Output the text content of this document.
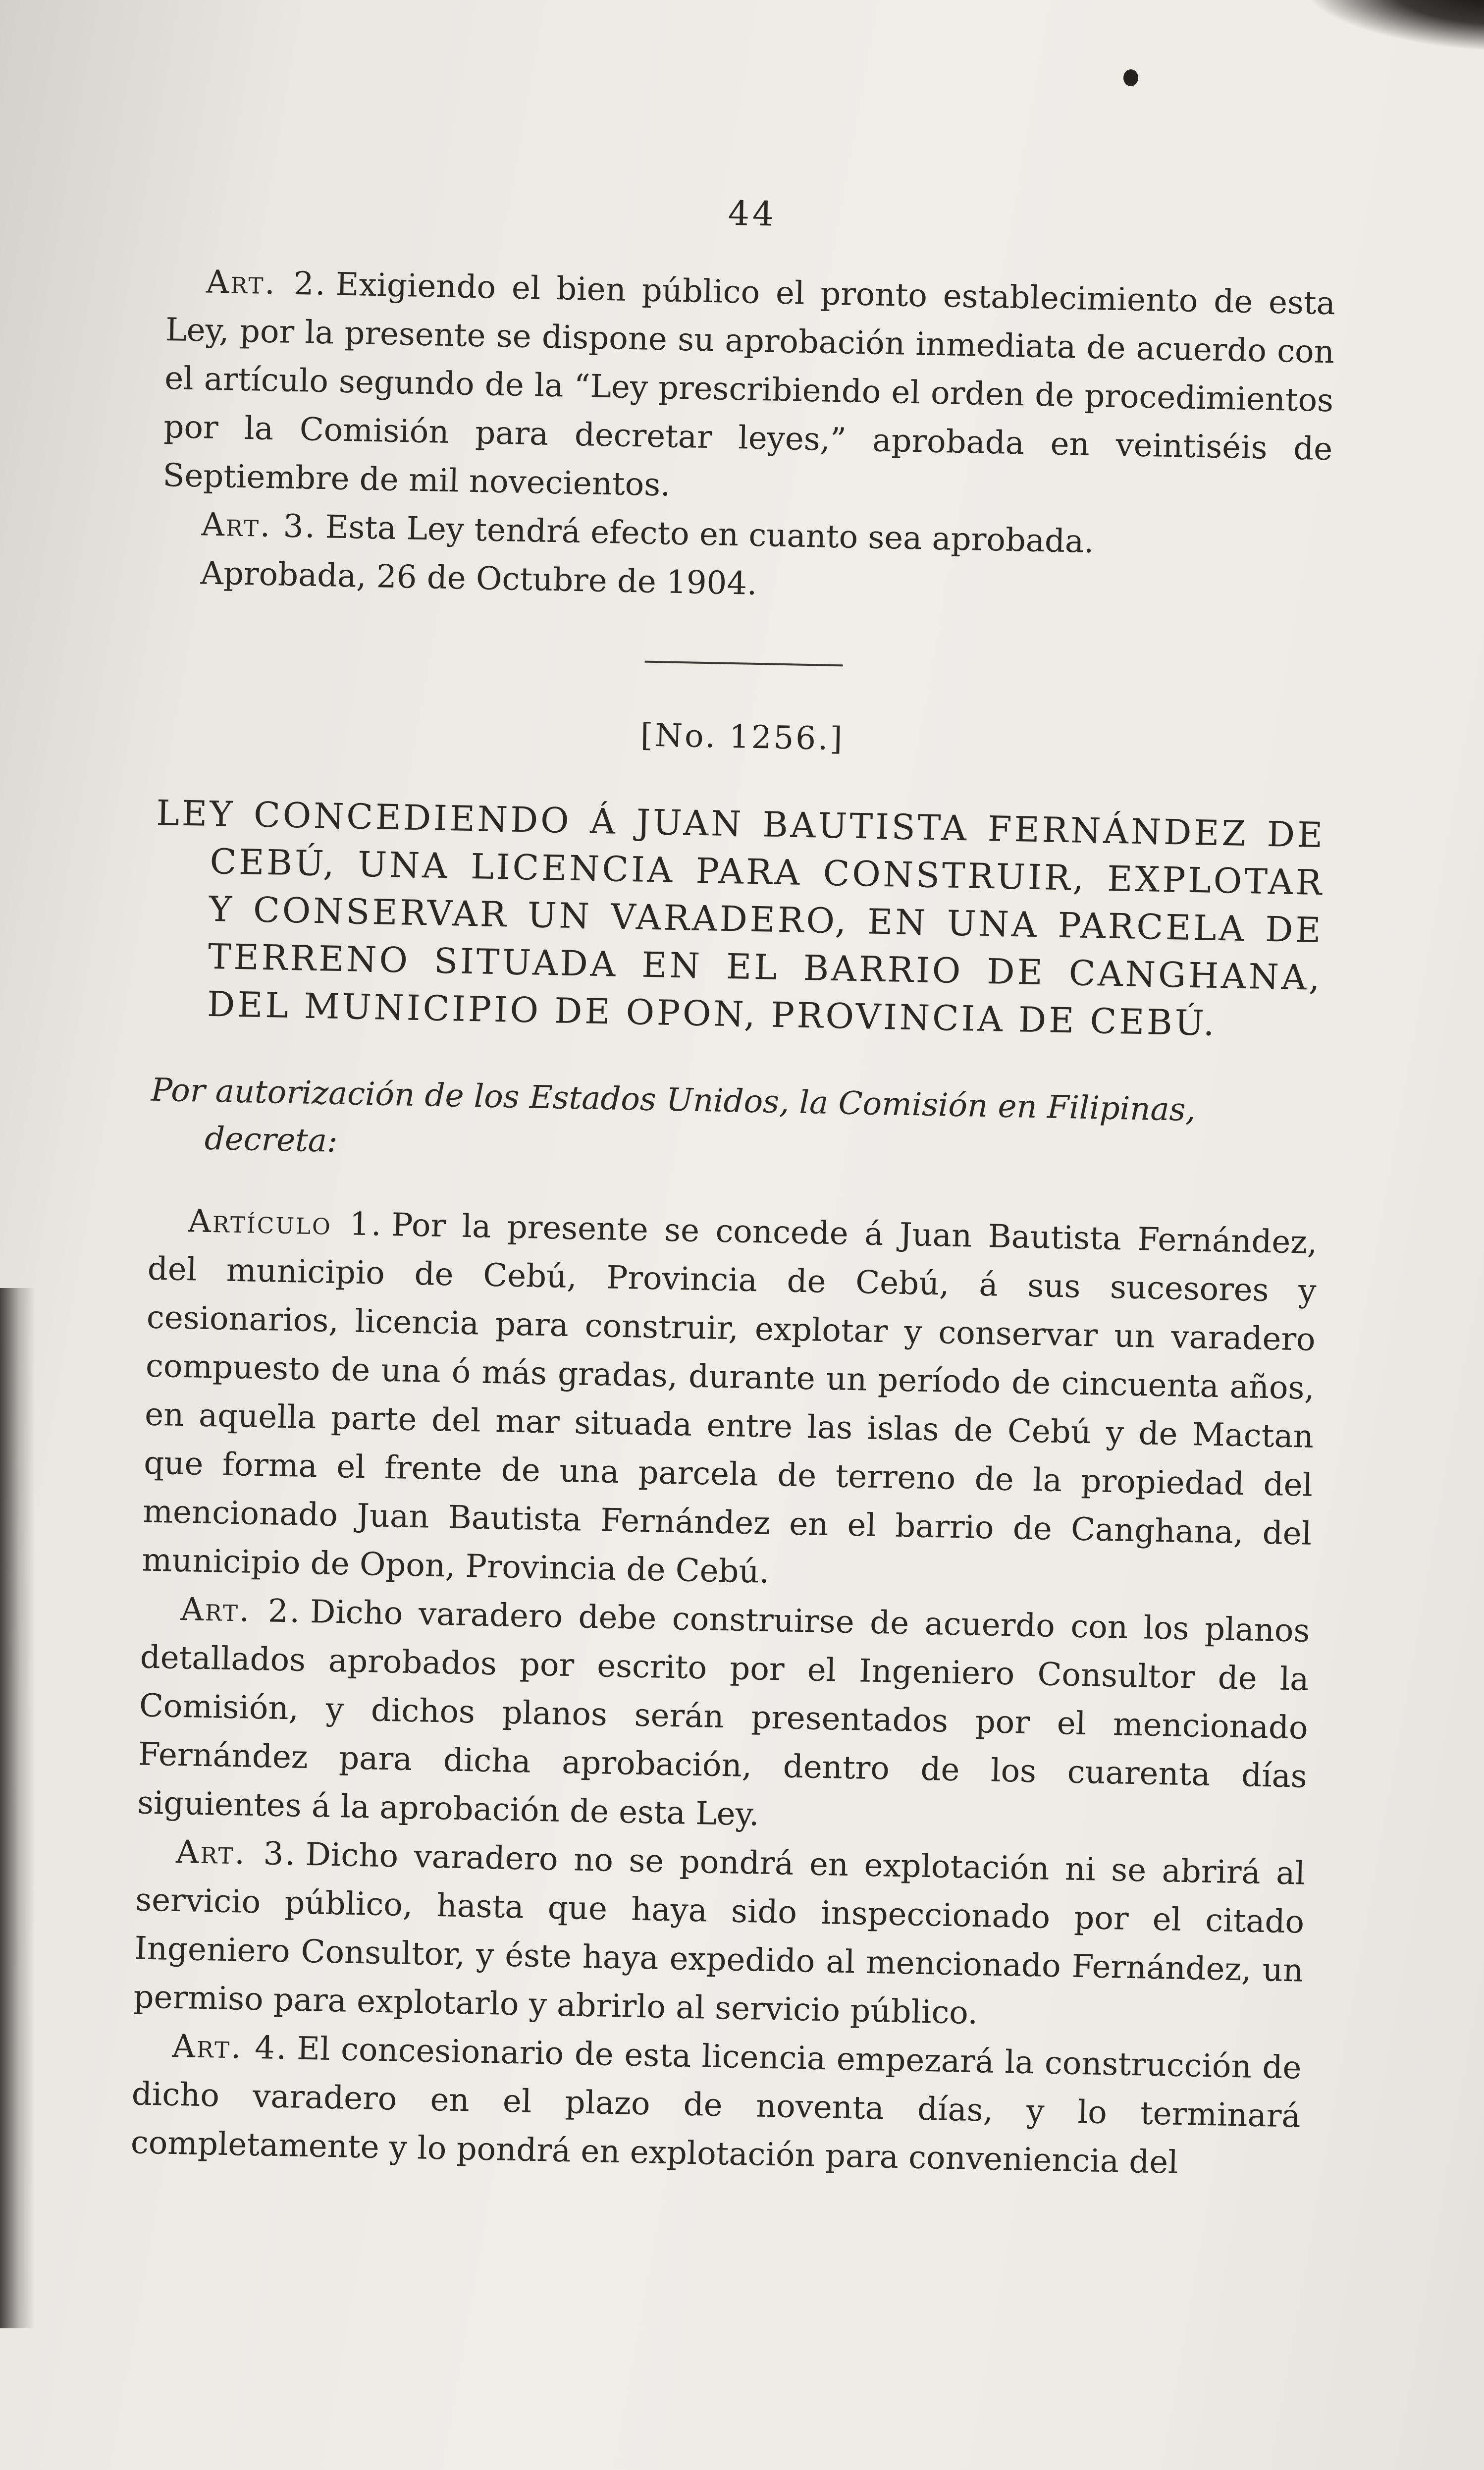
44

Art. 2. Exigiendo el bien público el pronto establecimiento de esta Ley, por la presente se dispone su aprobación inmediata de acuerdo con el artículo segundo de la “Ley prescribiendo el orden de procedimientos por la Comisión para decretar leyes,” aprobada en veintiséis de Septiembre de mil novecientos.

Art. 3. Esta Ley tendrá efecto en cuanto sea aprobada.

Aprobada, 26 de Octubre de 1904.

[No. 1256.]
LEY CONCEDIENDO Á JUAN BAUTISTA FERNÁNDEZ DE CEBÚ, UNA LICENCIA PARA CONSTRUIR, EXPLOTAR Y CONSERVAR UN VARADERO, EN UNA PARCELA DE TERRENO SITUADA EN EL BARRIO DE CANGHANA, DEL MUNICIPIO DE OPON, PROVINCIA DE CEBÚ.
Por autorización de los Estados Unidos, la Comisión en Filipinas, decreta:

Artículo 1. Por la presente se concede á Juan Bautista Fernández, del municipio de Cebú, Provincia de Cebú, á sus sucesores y cesionarios, licencia para construir, explotar y conservar un varadero compuesto de una ó más gradas, durante un período de cincuenta años, en aquella parte del mar situada entre las islas de Cebú y de Mactan que forma el frente de una parcela de terreno de la propiedad del mencionado Juan Bautista Fernández en el barrio de Canghana, del municipio de Opon, Provincia de Cebú.

Art. 2. Dicho varadero debe construirse de acuerdo con los planos detallados aprobados por escrito por el Ingeniero Consultor de la Comisión, y dichos planos serán presentados por el mencionado Fernández para dicha aprobación, dentro de los cuarenta días siguientes á la aprobación de esta Ley.

Art. 3. Dicho varadero no se pondrá en explotación ni se abrirá al servicio público, hasta que haya sido inspeccionado por el citado Ingeniero Consultor, y éste haya expedido al mencionado Fernández, un permiso para explotarlo y abrirlo al servicio público.

Art. 4. El concesionario de esta licencia empezará la construcción de dicho varadero en el plazo de noventa días, y lo terminará completamente y lo pondrá en explotación para conveniencia del
